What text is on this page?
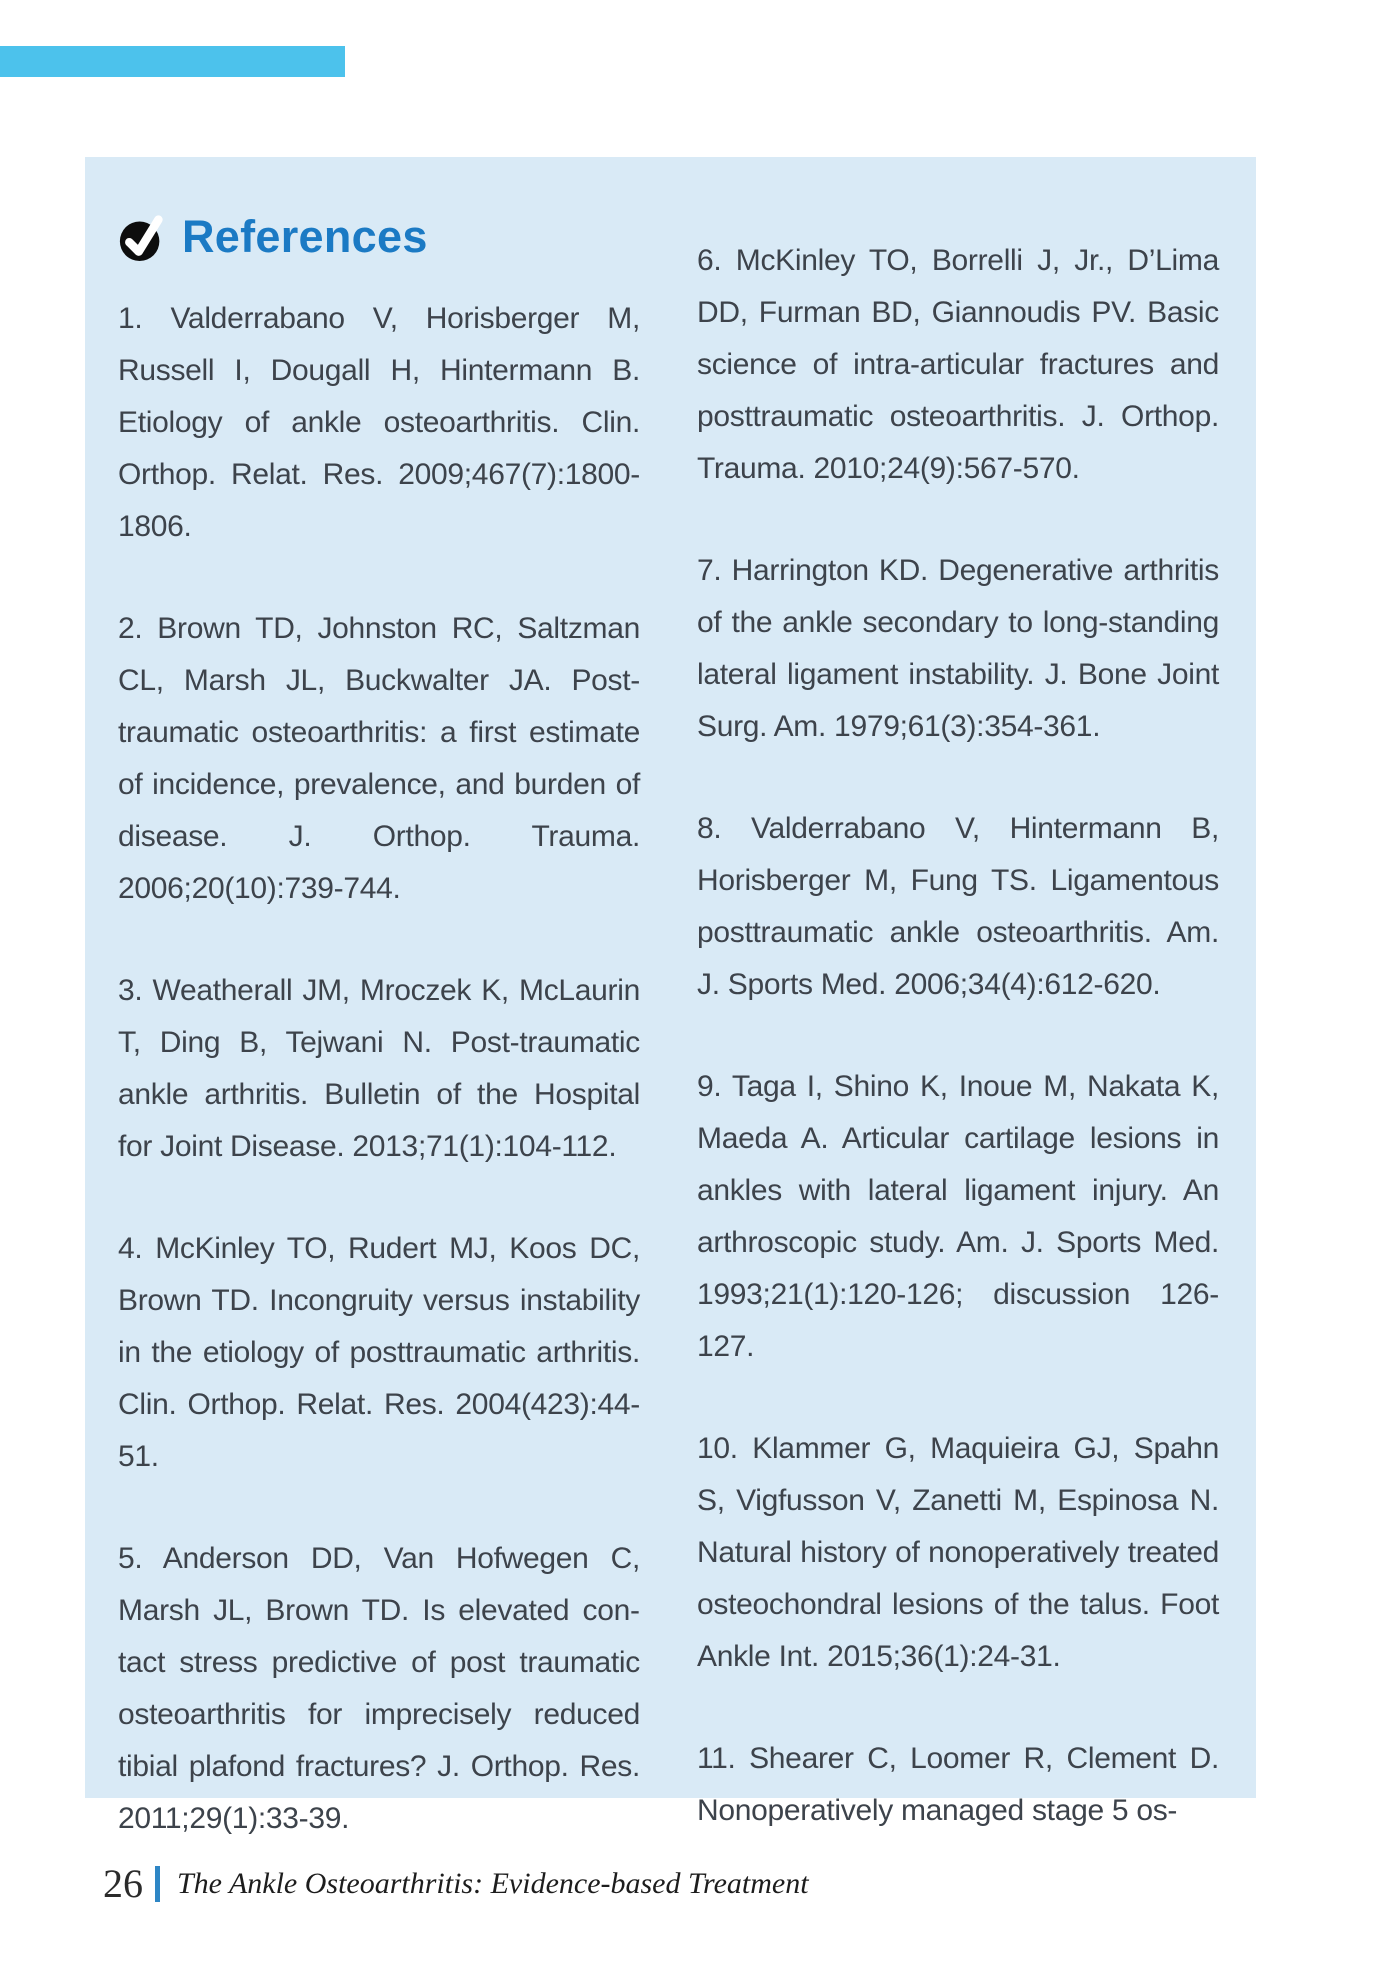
References

1. Valderrabano V, Horisberger M, Russell I, Dougall H, Hintermann B. Etiology of ankle osteoarthritis. Clin. Orthop. Relat. Res. 2009;467(7):1800-1806.

2. Brown TD, Johnston RC, Saltzman CL, Marsh JL, Buckwalter JA. Post-traumatic osteoarthritis: a first estimate of incidence, prevalence, and burden of disease. J. Orthop. Trauma. 2006;20(10):739-744.

3. Weatherall JM, Mroczek K, McLaurin T, Ding B, Tejwani N. Post-traumatic ankle arthritis. Bulletin of the Hospital for Joint Disease. 2013;71(1):104-112.

4. McKinley TO, Rudert MJ, Koos DC, Brown TD. Incongruity versus instability in the etiology of posttraumatic arthritis. Clin. Orthop. Relat. Res. 2004(423):44-51.

5. Anderson DD, Van Hofwegen C, Marsh JL, Brown TD. Is elevated contact stress predictive of post traumatic osteoarthritis for imprecisely reduced tibial plafond fractures? J. Orthop. Res. 2011;29(1):33-39.

6. McKinley TO, Borrelli J, Jr., D’Lima DD, Furman BD, Giannoudis PV. Basic science of intra-articular fractures and posttraumatic osteoarthritis. J. Orthop. Trauma. 2010;24(9):567-570.

7. Harrington KD. Degenerative arthritis of the ankle secondary to long-standing lateral ligament instability. J. Bone Joint Surg. Am. 1979;61(3):354-361.

8. Valderrabano V, Hintermann B, Horisberger M, Fung TS. Ligamentous posttraumatic ankle osteoarthritis. Am. J. Sports Med. 2006;34(4):612-620.

9. Taga I, Shino K, Inoue M, Nakata K, Maeda A. Articular cartilage lesions in ankles with lateral ligament injury. An arthroscopic study. Am. J. Sports Med. 1993;21(1):120-126; discussion 126-127.

10. Klammer G, Maquieira GJ, Spahn S, Vigfusson V, Zanetti M, Espinosa N. Natural history of nonoperatively treated osteochondral lesions of the talus. Foot Ankle Int. 2015;36(1):24-31.

11. Shearer C, Loomer R, Clement D. Nonoperatively managed stage 5 os-

26 The Ankle Osteoarthritis: Evidence-based Treatment
